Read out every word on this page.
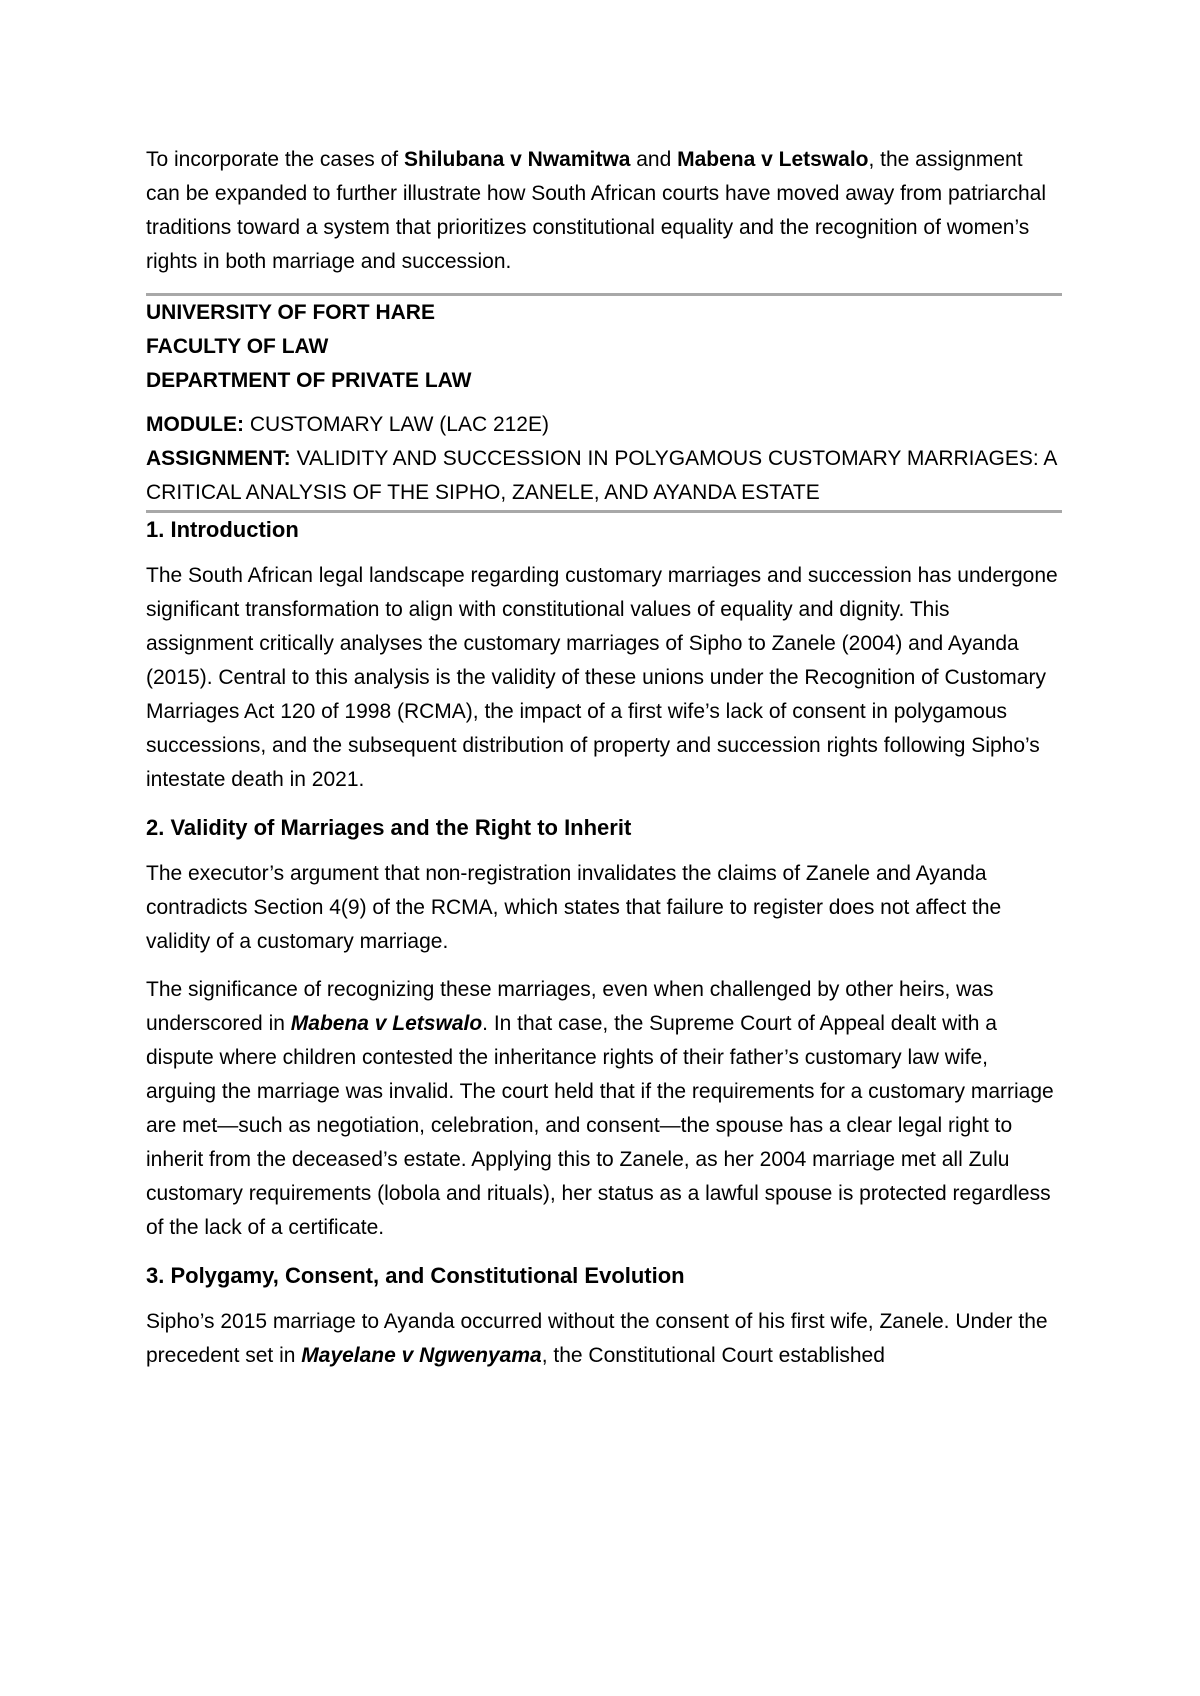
To incorporate the cases of Shilubana v Nwamitwa and Mabena v Letswalo, the assignment can be expanded to further illustrate how South African courts have moved away from patriarchal traditions toward a system that prioritizes constitutional equality and the recognition of women’s rights in both marriage and succession.

UNIVERSITY OF FORT HARE
FACULTY OF LAW
DEPARTMENT OF PRIVATE LAW

MODULE: CUSTOMARY LAW (LAC 212E)

ASSIGNMENT: VALIDITY AND SUCCESSION IN POLYGAMOUS CUSTOMARY MARRIAGES: A CRITICAL ANALYSIS OF THE SIPHO, ZANELE, AND AYANDA ESTATE

1. Introduction

The South African legal landscape regarding customary marriages and succession has undergone significant transformation to align with constitutional values of equality and dignity. This assignment critically analyses the customary marriages of Sipho to Zanele (2004) and Ayanda (2015). Central to this analysis is the validity of these unions under the Recognition of Customary Marriages Act 120 of 1998 (RCMA), the impact of a first wife’s lack of consent in polygamous successions, and the subsequent distribution of property and succession rights following Sipho’s intestate death in 2021.

2. Validity of Marriages and the Right to Inherit

The executor’s argument that non-registration invalidates the claims of Zanele and Ayanda contradicts Section 4(9) of the RCMA, which states that failure to register does not affect the validity of a customary marriage.

The significance of recognizing these marriages, even when challenged by other heirs, was underscored in Mabena v Letswalo. In that case, the Supreme Court of Appeal dealt with a dispute where children contested the inheritance rights of their father’s customary law wife, arguing the marriage was invalid. The court held that if the requirements for a customary marriage are met—such as negotiation, celebration, and consent—the spouse has a clear legal right to inherit from the deceased’s estate. Applying this to Zanele, as her 2004 marriage met all Zulu customary requirements (lobola and rituals), her status as a lawful spouse is protected regardless of the lack of a certificate.

3. Polygamy, Consent, and Constitutional Evolution

Sipho’s 2015 marriage to Ayanda occurred without the consent of his first wife, Zanele. Under the precedent set in Mayelane v Ngwenyama, the Constitutional Court established
